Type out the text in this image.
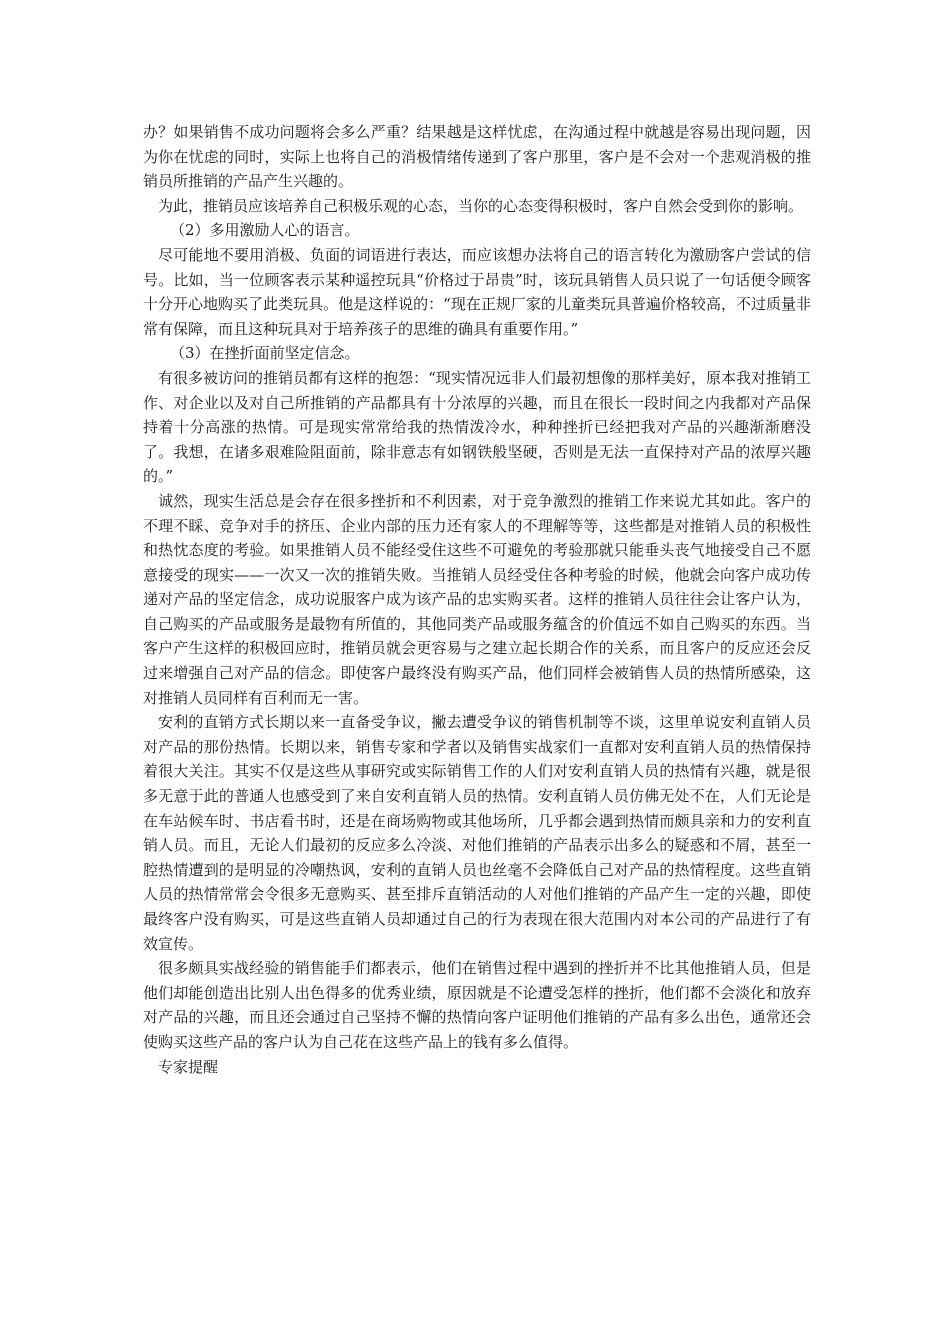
办？如果销售不成功问题将会多么严重？结果越是这样忧虑，在沟通过程中就越是容易出现问题，因为你在忧虑的同时，实际上也将自己的消极情绪传递到了客户那里，客户是不会对一个悲观消极的推销员所推销的产品产生兴趣的。

为此，推销员应该培养自己积极乐观的心态，当你的心态变得积极时，客户自然会受到你的影响。

（2）多用激励人心的语言。

尽可能地不要用消极、负面的词语进行表达，而应该想办法将自己的语言转化为激励客户尝试的信号。比如，当一位顾客表示某种遥控玩具“价格过于昂贵”时，该玩具销售人员只说了一句话便令顾客十分开心地购买了此类玩具。他是这样说的：“现在正规厂家的儿童类玩具普遍价格较高，不过质量非常有保障，而且这种玩具对于培养孩子的思维的确具有重要作用。”

（3）在挫折面前坚定信念。

有很多被访问的推销员都有这样的抱怨：“现实情况远非人们最初想像的那样美好，原本我对推销工作、对企业以及对自己所推销的产品都具有十分浓厚的兴趣，而且在很长一段时间之内我都对产品保持着十分高涨的热情。可是现实常常给我的热情泼冷水，种种挫折已经把我对产品的兴趣渐渐磨没了。我想，在诸多艰难险阻面前，除非意志有如钢铁般坚硬，否则是无法一直保持对产品的浓厚兴趣的。”

诚然，现实生活总是会存在很多挫折和不利因素，对于竞争激烈的推销工作来说尤其如此。客户的不理不睬、竞争对手的挤压、企业内部的压力还有家人的不理解等等，这些都是对推销人员的积极性和热忱态度的考验。如果推销人员不能经受住这些不可避免的考验那就只能垂头丧气地接受自己不愿意接受的现实——一次又一次的推销失败。当推销人员经受住各种考验的时候，他就会向客户成功传递对产品的坚定信念，成功说服客户成为该产品的忠实购买者。这样的推销人员往往会让客户认为，自己购买的产品或服务是最物有所值的，其他同类产品或服务蕴含的价值远不如自己购买的东西。当客户产生这样的积极回应时，推销员就会更容易与之建立起长期合作的关系，而且客户的反应还会反过来增强自己对产品的信念。即使客户最终没有购买产品，他们同样会被销售人员的热情所感染，这对推销人员同样有百利而无一害。

安利的直销方式长期以来一直备受争议，撇去遭受争议的销售机制等不谈，这里单说安利直销人员对产品的那份热情。长期以来，销售专家和学者以及销售实战家们一直都对安利直销人员的热情保持着很大关注。其实不仅是这些从事研究或实际销售工作的人们对安利直销人员的热情有兴趣，就是很多无意于此的普通人也感受到了来自安利直销人员的热情。安利直销人员仿佛无处不在，人们无论是在车站候车时、书店看书时，还是在商场购物或其他场所，几乎都会遇到热情而颇具亲和力的安利直销人员。而且，无论人们最初的反应多么冷淡、对他们推销的产品表示出多么的疑惑和不屑，甚至一腔热情遭到的是明显的冷嘲热讽，安利的直销人员也丝毫不会降低自己对产品的热情程度。这些直销人员的热情常常会令很多无意购买、甚至排斥直销活动的人对他们推销的产品产生一定的兴趣，即使最终客户没有购买，可是这些直销人员却通过自己的行为表现在很大范围内对本公司的产品进行了有效宣传。

很多颇具实战经验的销售能手们都表示，他们在销售过程中遇到的挫折并不比其他推销人员，但是他们却能创造出比别人出色得多的优秀业绩，原因就是不论遭受怎样的挫折，他们都不会淡化和放弃对产品的兴趣，而且还会通过自己坚持不懈的热情向客户证明他们推销的产品有多么出色，通常还会使购买这些产品的客户认为自己花在这些产品上的钱有多么值得。

专家提醒
